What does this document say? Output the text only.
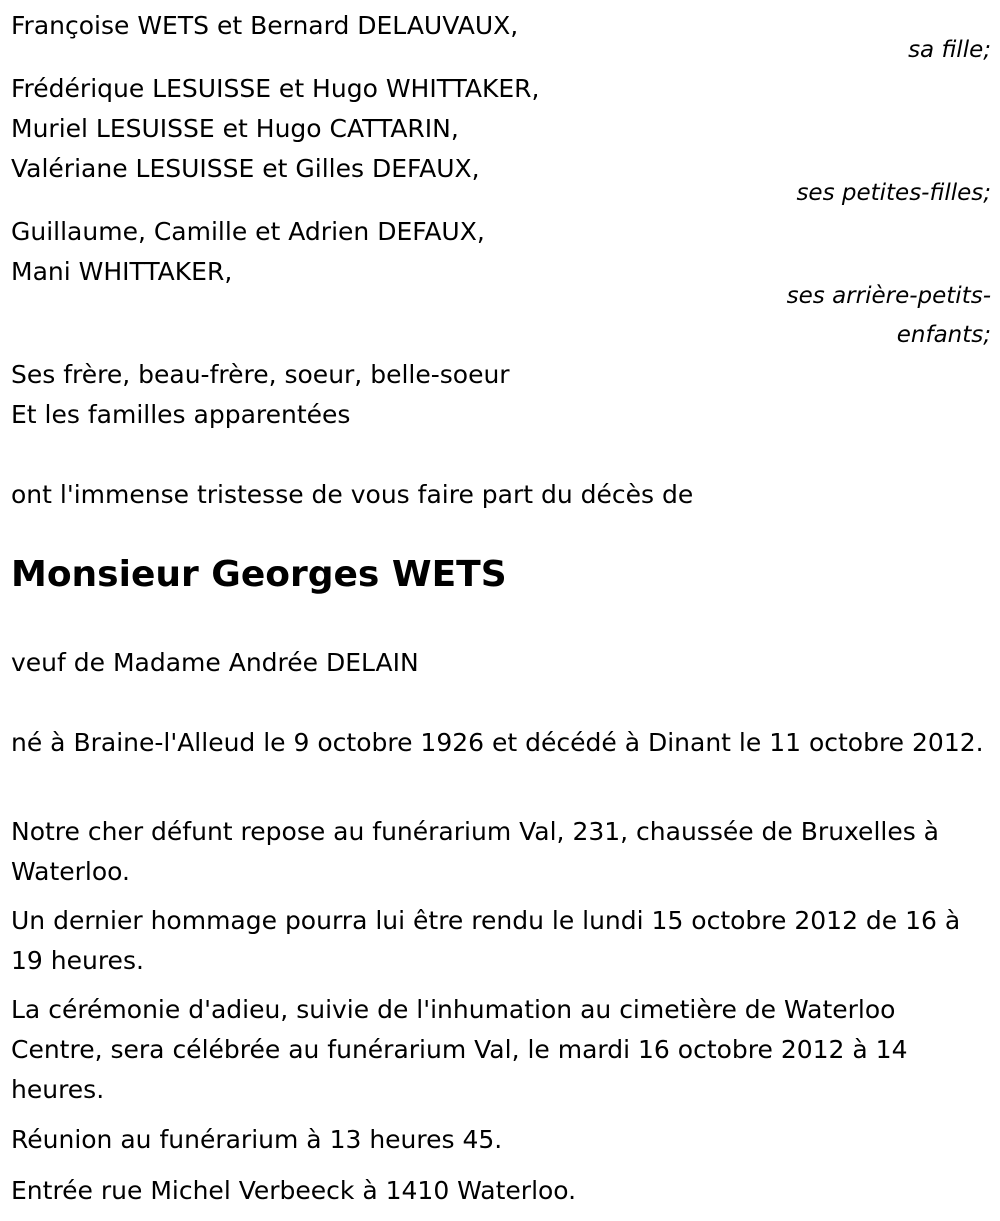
Françoise WETS et Bernard DELAUVAUX,
sa fille;
Frédérique LESUISSE et Hugo WHITTAKER,
Muriel LESUISSE et Hugo CATTARIN,
Valériane LESUISSE et Gilles DEFAUX,
ses petites-filles;
Guillaume, Camille et Adrien DEFAUX,
Mani WHITTAKER,
ses arrière-petits-
enfants;
Ses frère, beau-frère, soeur, belle-soeur
Et les familles apparentées
ont l'immense tristesse de vous faire part du décès de
Monsieur Georges WETS
veuf de Madame Andrée DELAIN
né à Braine-l'Alleud le 9 octobre 1926 et décédé à Dinant le 11 octobre 2012.
Notre cher défunt repose au funérarium Val, 231, chaussée de Bruxelles à Waterloo.
Un dernier hommage pourra lui être rendu le lundi 15 octobre 2012 de 16 à 19 heures.
La cérémonie d'adieu, suivie de l'inhumation au cimetière de Waterloo Centre, sera célébrée au funérarium Val, le mardi 16 octobre 2012 à 14 heures.
Réunion au funérarium à 13 heures 45.
Entrée rue Michel Verbeeck à 1410 Waterloo.
